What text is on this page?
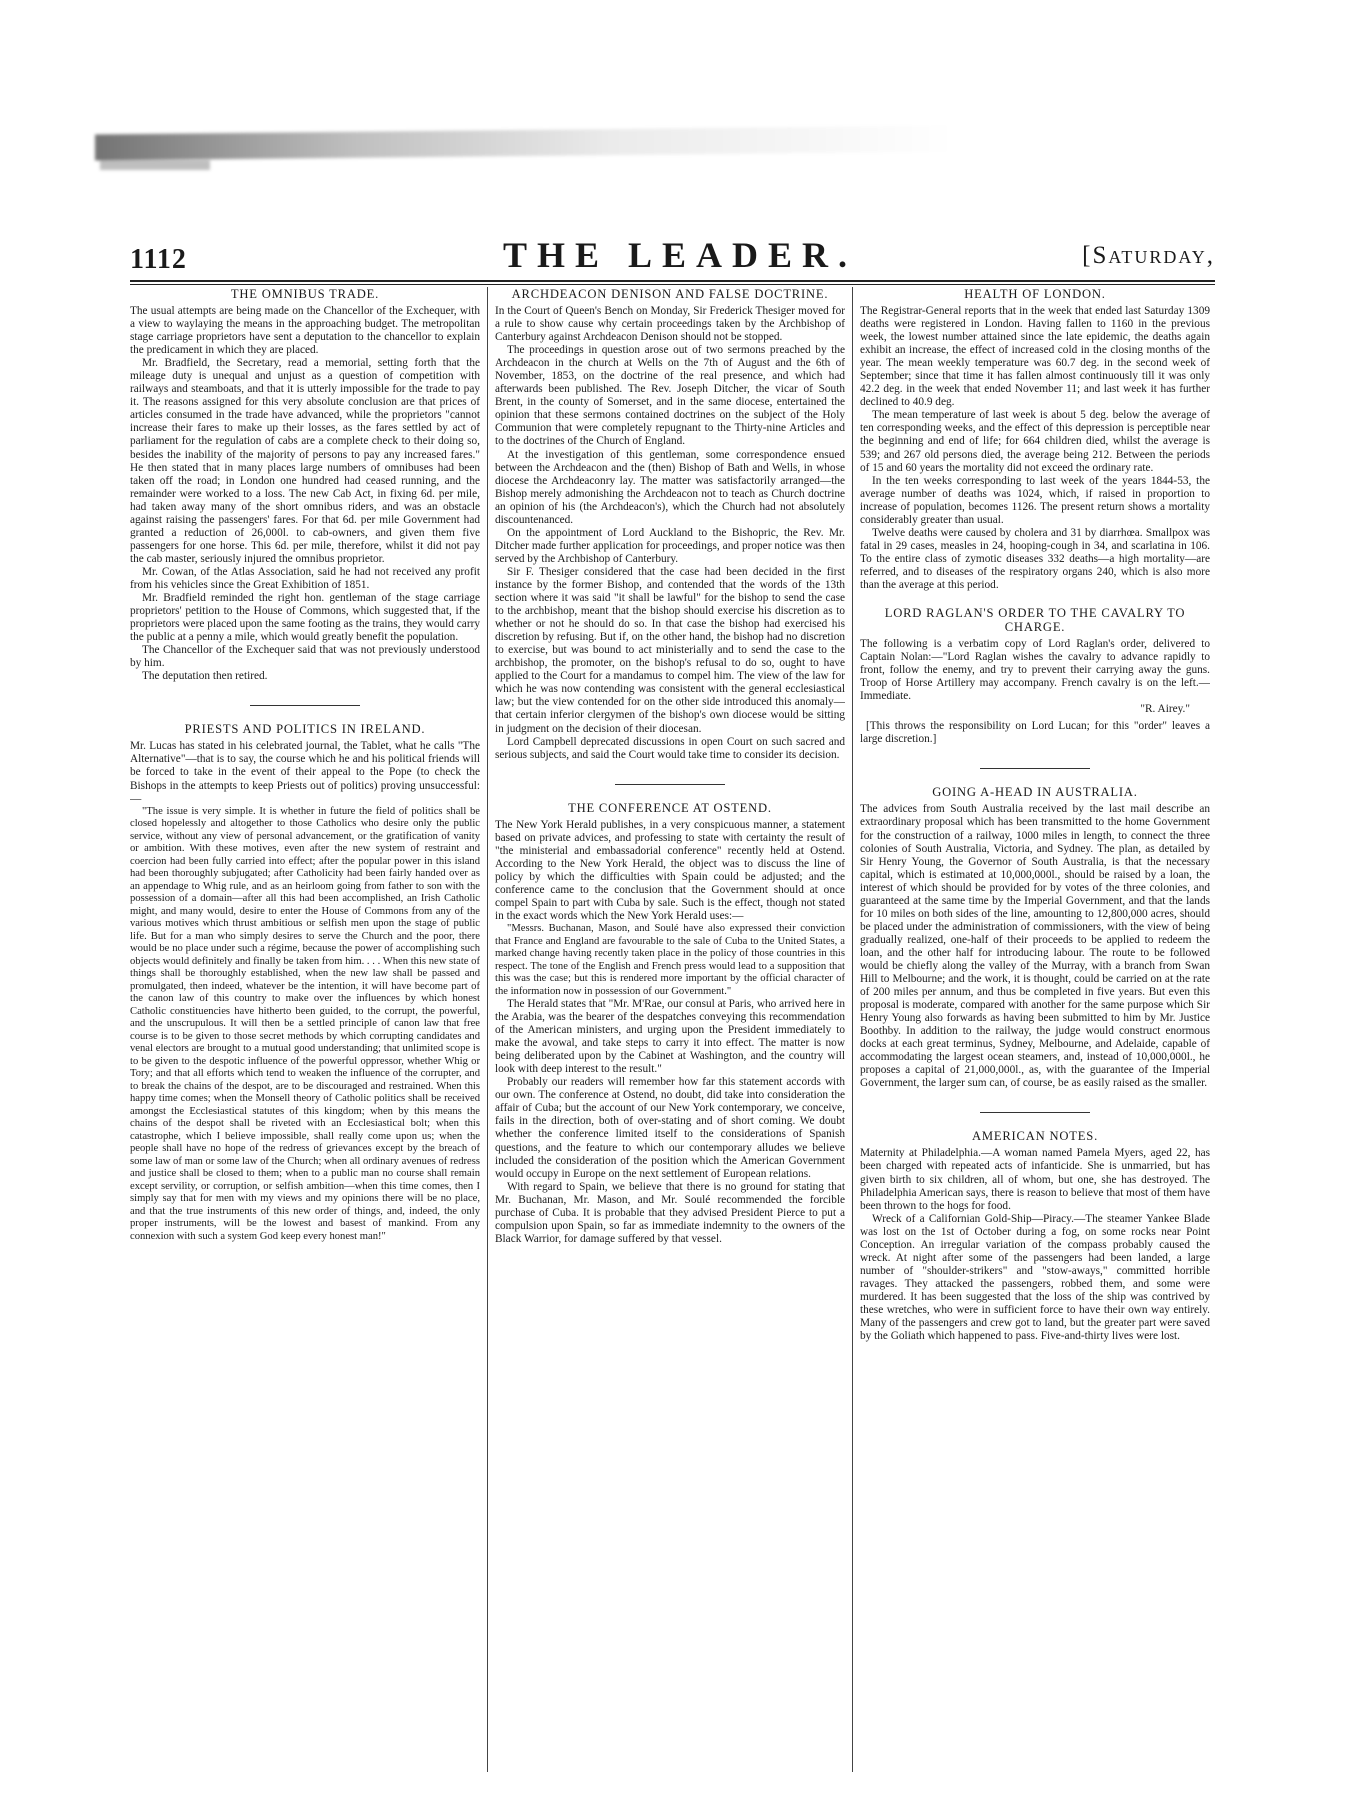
1112	THE LEADER.	[Saturday,
THE OMNIBUS TRADE.

The usual attempts are being made on the Chancellor of the Exchequer, with a view to waylaying the means in the approaching budget. The metropolitan stage carriage proprietors have sent a deputation to the chancellor to explain the predicament in which they are placed.

Mr. Bradfield, the Secretary, read a memorial, setting forth that the mileage duty is unequal and unjust as a question of competition with railways and steamboats, and that it is utterly impossible for the trade to pay it. The reasons assigned for this very absolute conclusion are that prices of articles consumed in the trade have advanced, while the proprietors "cannot increase their fares to make up their losses, as the fares settled by act of parliament for the regulation of cabs are a complete check to their doing so, besides the inability of the majority of persons to pay any increased fares." He then stated that in many places large numbers of omnibuses had been taken off the road; in London one hundred had ceased running, and the remainder were worked to a loss. The new Cab Act, in fixing 6d. per mile, had taken away many of the short omnibus riders, and was an obstacle against raising the passengers' fares. For that 6d. per mile Government had granted a reduction of 26,000l. to cab-owners, and given them five passengers for one horse. This 6d. per mile, therefore, whilst it did not pay the cab master, seriously injured the omnibus proprietor.

Mr. Cowan, of the Atlas Association, said he had not received any profit from his vehicles since the Great Exhibition of 1851.

Mr. Bradfield reminded the right hon. gentleman of the stage carriage proprietors' petition to the House of Commons, which suggested that, if the proprietors were placed upon the same footing as the trains, they would carry the public at a penny a mile, which would greatly benefit the population.

The Chancellor of the Exchequer said that was not previously understood by him.

The deputation then retired.

PRIESTS AND POLITICS IN IRELAND.

Mr. Lucas has stated in his celebrated journal, the Tablet, what he calls "The Alternative"—that is to say, the course which he and his political friends will be forced to take in the event of their appeal to the Pope (to check the Bishops in the attempts to keep Priests out of politics) proving unsuccessful:—

"The issue is very simple. It is whether in future the field of politics shall be closed hopelessly and altogether to those Catholics who desire only the public service, without any view of personal advancement, or the gratification of vanity or ambition. With these motives, even after the new system of restraint and coercion had been fully carried into effect; after the popular power in this island had been thoroughly subjugated; after Catholicity had been fairly handed over as an appendage to Whig rule, and as an heirloom going from father to son with the possession of a domain—after all this had been accomplished, an Irish Catholic might, and many would, desire to enter the House of Commons from any of the various motives which thrust ambitious or selfish men upon the stage of public life. But for a man who simply desires to serve the Church and the poor, there would be no place under such a régime, because the power of accomplishing such objects would definitely and finally be taken from him. . . . When this new state of things shall be thoroughly established, when the new law shall be passed and promulgated, then indeed, whatever be the intention, it will have become part of the canon law of this country to make over the influences by which honest Catholic constituencies have hitherto been guided, to the corrupt, the powerful, and the unscrupulous. It will then be a settled principle of canon law that free course is to be given to those secret methods by which corrupting candidates and venal electors are brought to a mutual good understanding; that unlimited scope is to be given to the despotic influence of the powerful oppressor, whether Whig or Tory; and that all efforts which tend to weaken the influence of the corrupter, and to break the chains of the despot, are to be discouraged and restrained. When this happy time comes; when the Monsell theory of Catholic politics shall be received amongst the Ecclesiastical statutes of this kingdom; when by this means the chains of the despot shall be riveted with an Ecclesiastical bolt; when this catastrophe, which I believe impossible, shall really come upon us; when the people shall have no hope of the redress of grievances except by the breach of some law of man or some law of the Church; when all ordinary avenues of redress and justice shall be closed to them; when to a public man no course shall remain except servility, or corruption, or selfish ambition—when this time comes, then I simply say that for men with my views and my opinions there will be no place, and that the true instruments of this new order of things, and, indeed, the only proper instruments, will be the lowest and basest of mankind. From any connexion with such a system God keep every honest man!"

ARCHDEACON DENISON AND FALSE DOCTRINE.

In the Court of Queen's Bench on Monday, Sir Frederick Thesiger moved for a rule to show cause why certain proceedings taken by the Archbishop of Canterbury against Archdeacon Denison should not be stopped.

The proceedings in question arose out of two sermons preached by the Archdeacon in the church at Wells on the 7th of August and the 6th of November, 1853, on the doctrine of the real presence, and which had afterwards been published. The Rev. Joseph Ditcher, the vicar of South Brent, in the county of Somerset, and in the same diocese, entertained the opinion that these sermons contained doctrines on the subject of the Holy Communion that were completely repugnant to the Thirty-nine Articles and to the doctrines of the Church of England.

At the investigation of this gentleman, some correspondence ensued between the Archdeacon and the (then) Bishop of Bath and Wells, in whose diocese the Archdeaconry lay. The matter was satisfactorily arranged—the Bishop merely admonishing the Archdeacon not to teach as Church doctrine an opinion of his (the Archdeacon's), which the Church had not absolutely discountenanced.

On the appointment of Lord Auckland to the Bishopric, the Rev. Mr. Ditcher made further application for proceedings, and proper notice was then served by the Archbishop of Canterbury.

Sir F. Thesiger considered that the case had been decided in the first instance by the former Bishop, and contended that the words of the 13th section where it was said "it shall be lawful" for the bishop to send the case to the archbishop, meant that the bishop should exercise his discretion as to whether or not he should do so. In that case the bishop had exercised his discretion by refusing. But if, on the other hand, the bishop had no discretion to exercise, but was bound to act ministerially and to send the case to the archbishop, the promoter, on the bishop's refusal to do so, ought to have applied to the Court for a mandamus to compel him. The view of the law for which he was now contending was consistent with the general ecclesiastical law; but the view contended for on the other side introduced this anomaly—that certain inferior clergymen of the bishop's own diocese would be sitting in judgment on the decision of their diocesan.

Lord Campbell deprecated discussions in open Court on such sacred and serious subjects, and said the Court would take time to consider its decision.

THE CONFERENCE AT OSTEND.

The New York Herald publishes, in a very conspicuous manner, a statement based on private advices, and professing to state with certainty the result of "the ministerial and embassadorial conference" recently held at Ostend. According to the New York Herald, the object was to discuss the line of policy by which the difficulties with Spain could be adjusted; and the conference came to the conclusion that the Government should at once compel Spain to part with Cuba by sale. Such is the effect, though not stated in the exact words which the New York Herald uses:—

"Messrs. Buchanan, Mason, and Soulé have also expressed their conviction that France and England are favourable to the sale of Cuba to the United States, a marked change having recently taken place in the policy of those countries in this respect. The tone of the English and French press would lead to a supposition that this was the case; but this is rendered more important by the official character of the information now in possession of our Government."

The Herald states that "Mr. M'Rae, our consul at Paris, who arrived here in the Arabia, was the bearer of the despatches conveying this recommendation of the American ministers, and urging upon the President immediately to make the avowal, and take steps to carry it into effect. The matter is now being deliberated upon by the Cabinet at Washington, and the country will look with deep interest to the result."

Probably our readers will remember how far this statement accords with our own. The conference at Ostend, no doubt, did take into consideration the affair of Cuba; but the account of our New York contemporary, we conceive, fails in the direction, both of over-stating and of short coming. We doubt whether the conference limited itself to the considerations of Spanish questions, and the feature to which our contemporary alludes we believe included the consideration of the position which the American Government would occupy in Europe on the next settlement of European relations.

With regard to Spain, we believe that there is no ground for stating that Mr. Buchanan, Mr. Mason, and Mr. Soulé recommended the forcible purchase of Cuba. It is probable that they advised President Pierce to put a compulsion upon Spain, so far as immediate indemnity to the owners of the Black Warrior, for damage suffered by that vessel.

HEALTH OF LONDON.

The Registrar-General reports that in the week that ended last Saturday 1309 deaths were registered in London. Having fallen to 1160 in the previous week, the lowest number attained since the late epidemic, the deaths again exhibit an increase, the effect of increased cold in the closing months of the year. The mean weekly temperature was 60.7 deg. in the second week of September; since that time it has fallen almost continuously till it was only 42.2 deg. in the week that ended November 11; and last week it has further declined to 40.9 deg.

The mean temperature of last week is about 5 deg. below the average of ten corresponding weeks, and the effect of this depression is perceptible near the beginning and end of life; for 664 children died, whilst the average is 539; and 267 old persons died, the average being 212. Between the periods of 15 and 60 years the mortality did not exceed the ordinary rate.

In the ten weeks corresponding to last week of the years 1844-53, the average number of deaths was 1024, which, if raised in proportion to increase of population, becomes 1126. The present return shows a mortality considerably greater than usual.

Twelve deaths were caused by cholera and 31 by diarrhœa. Smallpox was fatal in 29 cases, measles in 24, hooping-cough in 34, and scarlatina in 106. To the entire class of zymotic diseases 332 deaths—a high mortality—are referred, and to diseases of the respiratory organs 240, which is also more than the average at this period.

LORD RAGLAN'S ORDER TO THE CAVALRY TO CHARGE.

The following is a verbatim copy of Lord Raglan's order, delivered to Captain Nolan:—"Lord Raglan wishes the cavalry to advance rapidly to front, follow the enemy, and try to prevent their carrying away the guns. Troop of Horse Artillery may accompany. French cavalry is on the left.—Immediate.

"R. Airey."

[This throws the responsibility on Lord Lucan; for this "order" leaves a large discretion.]

GOING A-HEAD IN AUSTRALIA.

The advices from South Australia received by the last mail describe an extraordinary proposal which has been transmitted to the home Government for the construction of a railway, 1000 miles in length, to connect the three colonies of South Australia, Victoria, and Sydney. The plan, as detailed by Sir Henry Young, the Governor of South Australia, is that the necessary capital, which is estimated at 10,000,000l., should be raised by a loan, the interest of which should be provided for by votes of the three colonies, and guaranteed at the same time by the Imperial Government, and that the lands for 10 miles on both sides of the line, amounting to 12,800,000 acres, should be placed under the administration of commissioners, with the view of being gradually realized, one-half of their proceeds to be applied to redeem the loan, and the other half for introducing labour. The route to be followed would be chiefly along the valley of the Murray, with a branch from Swan Hill to Melbourne; and the work, it is thought, could be carried on at the rate of 200 miles per annum, and thus be completed in five years. But even this proposal is moderate, compared with another for the same purpose which Sir Henry Young also forwards as having been submitted to him by Mr. Justice Boothby. In addition to the railway, the judge would construct enormous docks at each great terminus, Sydney, Melbourne, and Adelaide, capable of accommodating the largest ocean steamers, and, instead of 10,000,000l., he proposes a capital of 21,000,000l., as, with the guarantee of the Imperial Government, the larger sum can, of course, be as easily raised as the smaller.

AMERICAN NOTES.

Maternity at Philadelphia.—A woman named Pamela Myers, aged 22, has been charged with repeated acts of infanticide. She is unmarried, but has given birth to six children, all of whom, but one, she has destroyed. The Philadelphia American says, there is reason to believe that most of them have been thrown to the hogs for food.

Wreck of a Californian Gold-Ship—Piracy.—The steamer Yankee Blade was lost on the 1st of October during a fog, on some rocks near Point Conception. An irregular variation of the compass probably caused the wreck. At night after some of the passengers had been landed, a large number of "shoulder-strikers" and "stow-aways," committed horrible ravages. They attacked the passengers, robbed them, and some were murdered. It has been suggested that the loss of the ship was contrived by these wretches, who were in sufficient force to have their own way entirely. Many of the passengers and crew got to land, but the greater part were saved by the Goliath which happened to pass. Five-and-thirty lives were lost.
